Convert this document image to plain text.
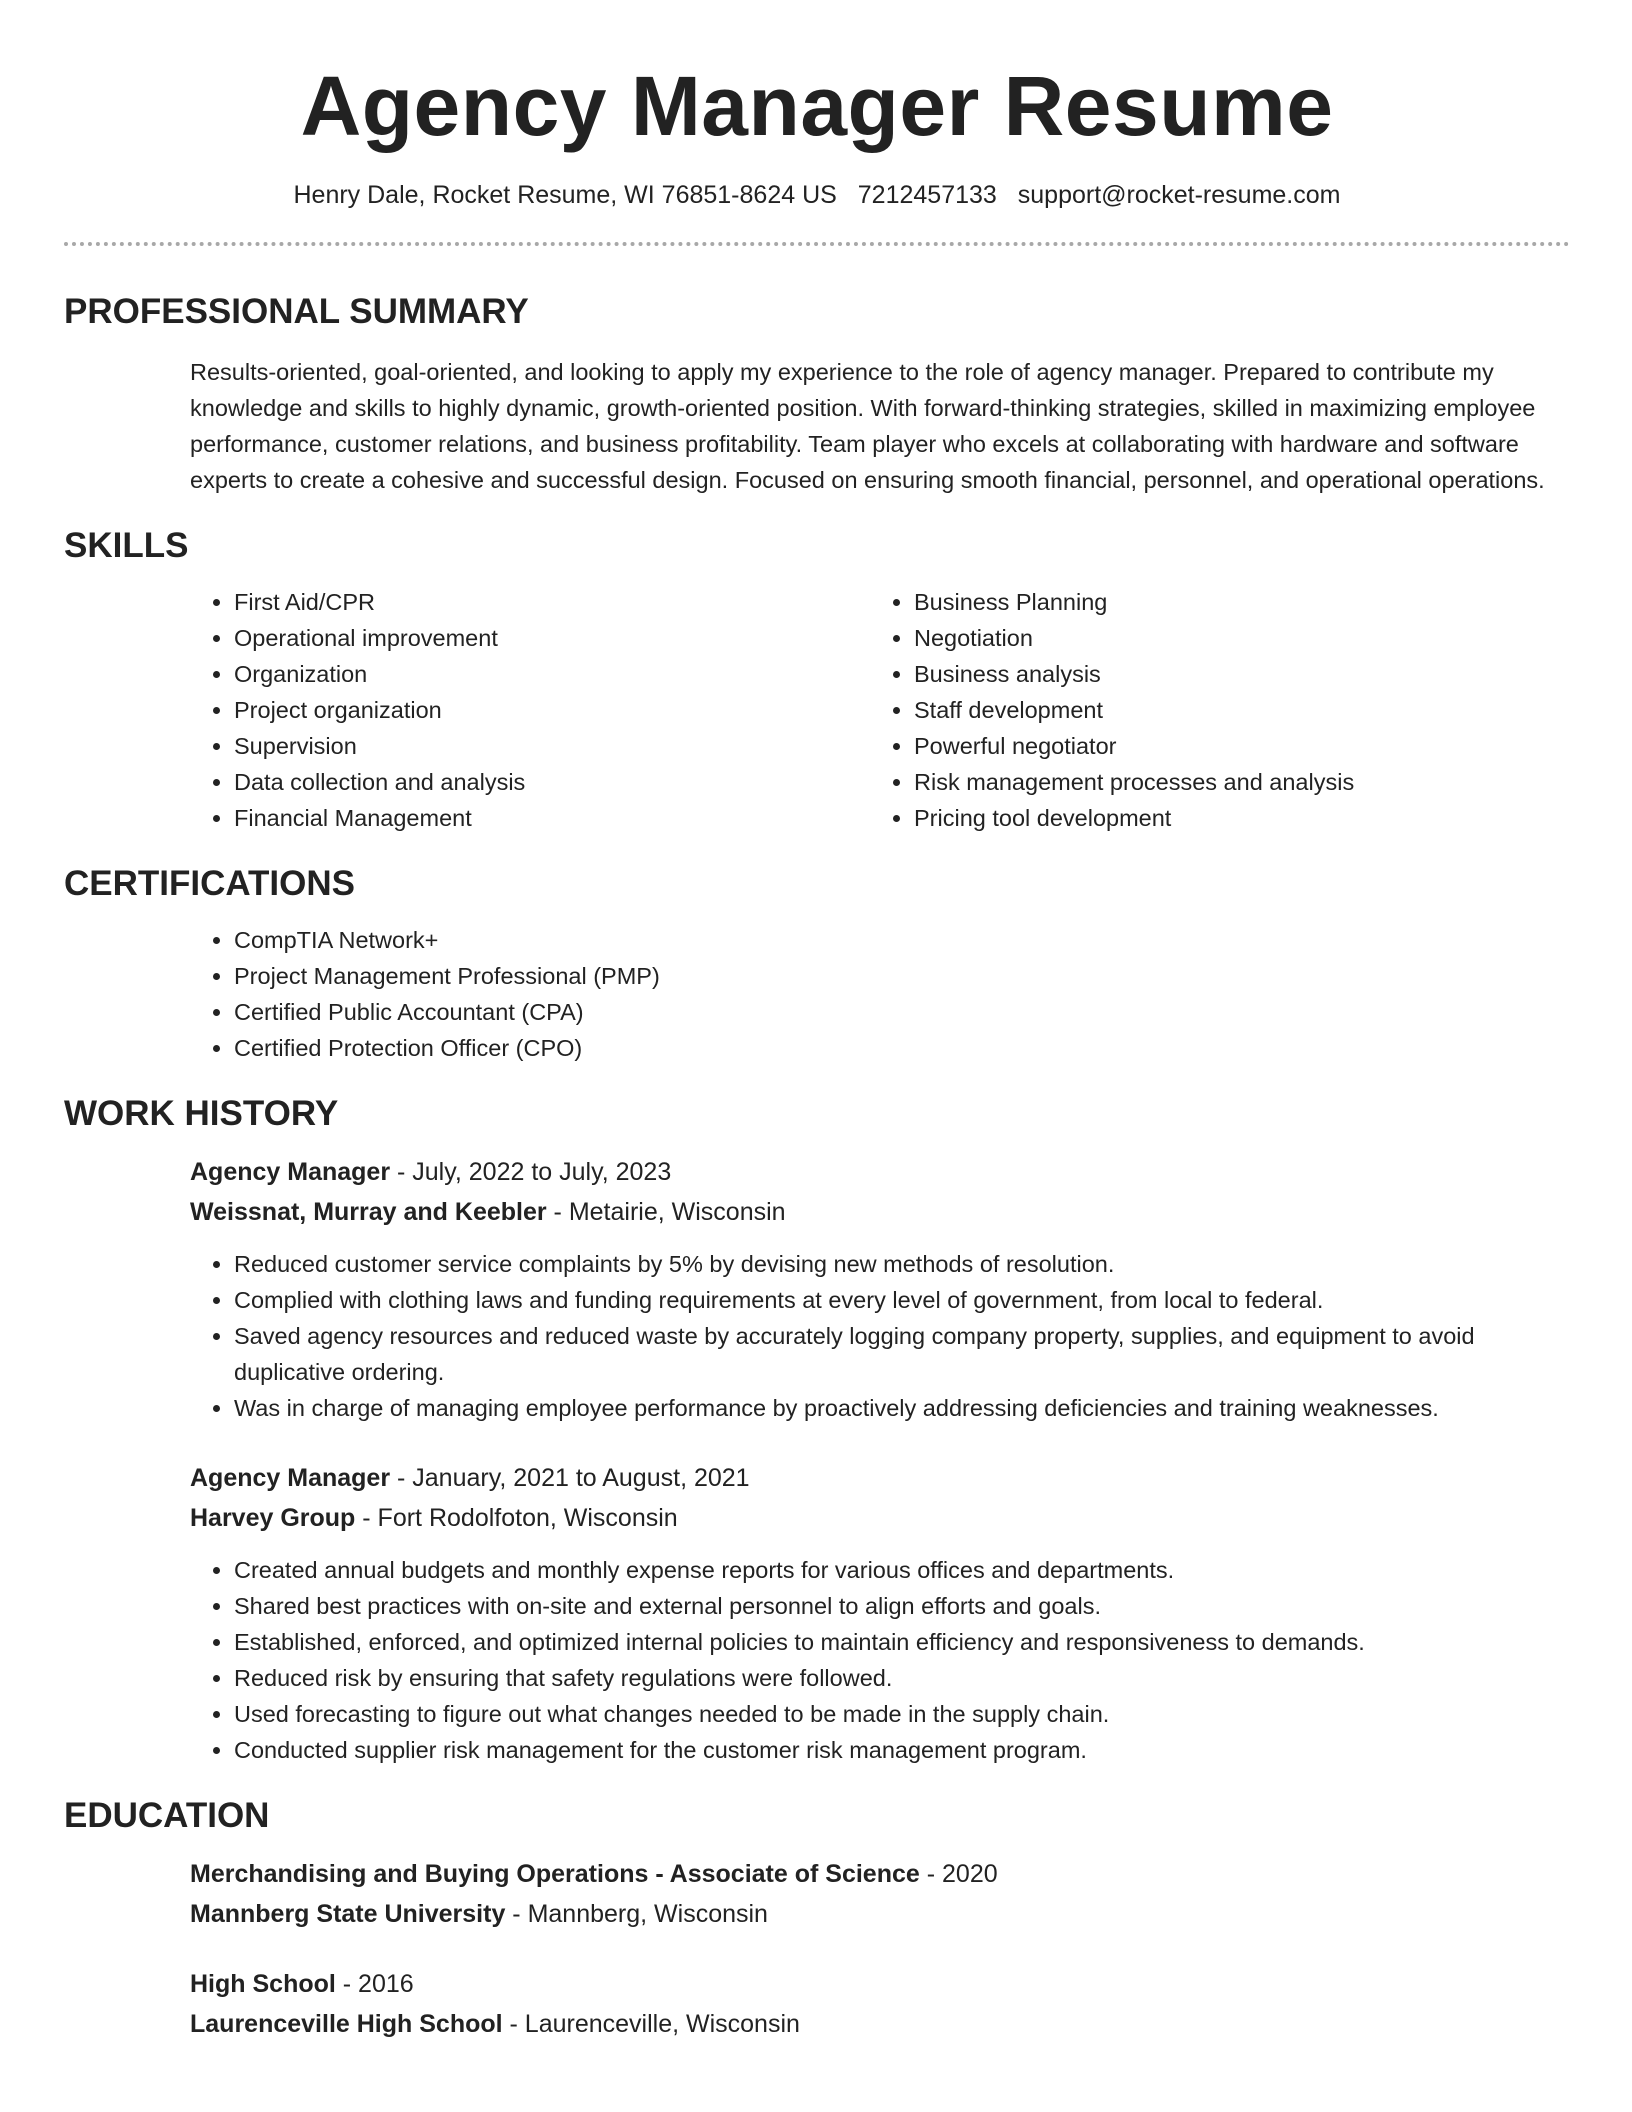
Agency Manager Resume
Henry Dale, Rocket Resume, WI 76851-8624 US 7212457133 support@rocket-resume.com
PROFESSIONAL SUMMARY

Results-oriented, goal-oriented, and looking to apply my experience to the role of agency manager. Prepared to contribute my knowledge and skills to highly dynamic, growth-oriented position. With forward-thinking strategies, skilled in maximizing employee performance, customer relations, and business profitability. Team player who excels at collaborating with hardware and software experts to create a cohesive and successful design. Focused on ensuring smooth financial, personnel, and operational operations.

SKILLS
• First Aid/CPR
• Operational improvement
• Organization
• Project organization
• Supervision
• Data collection and analysis
• Financial Management
• Business Planning
• Negotiation
• Business analysis
• Staff development
• Powerful negotiator
• Risk management processes and analysis
• Pricing tool development
CERTIFICATIONS
• CompTIA Network+
• Project Management Professional (PMP)
• Certified Public Accountant (CPA)
• Certified Protection Officer (CPO)
WORK HISTORY
Agency Manager - July, 2022 to July, 2023
Weissnat, Murray and Keebler - Metairie, Wisconsin
• Reduced customer service complaints by 5% by devising new methods of resolution.
• Complied with clothing laws and funding requirements at every level of government, from local to federal.
• Saved agency resources and reduced waste by accurately logging company property, supplies, and equipment to avoid duplicative ordering.
• Was in charge of managing employee performance by proactively addressing deficiencies and training weaknesses.
Agency Manager - January, 2021 to August, 2021
Harvey Group - Fort Rodolfoton, Wisconsin
• Created annual budgets and monthly expense reports for various offices and departments.
• Shared best practices with on-site and external personnel to align efforts and goals.
• Established, enforced, and optimized internal policies to maintain efficiency and responsiveness to demands.
• Reduced risk by ensuring that safety regulations were followed.
• Used forecasting to figure out what changes needed to be made in the supply chain.
• Conducted supplier risk management for the customer risk management program.
EDUCATION
Merchandising and Buying Operations - Associate of Science - 2020
Mannberg State University - Mannberg, Wisconsin
High School - 2016
Laurenceville High School - Laurenceville, Wisconsin
